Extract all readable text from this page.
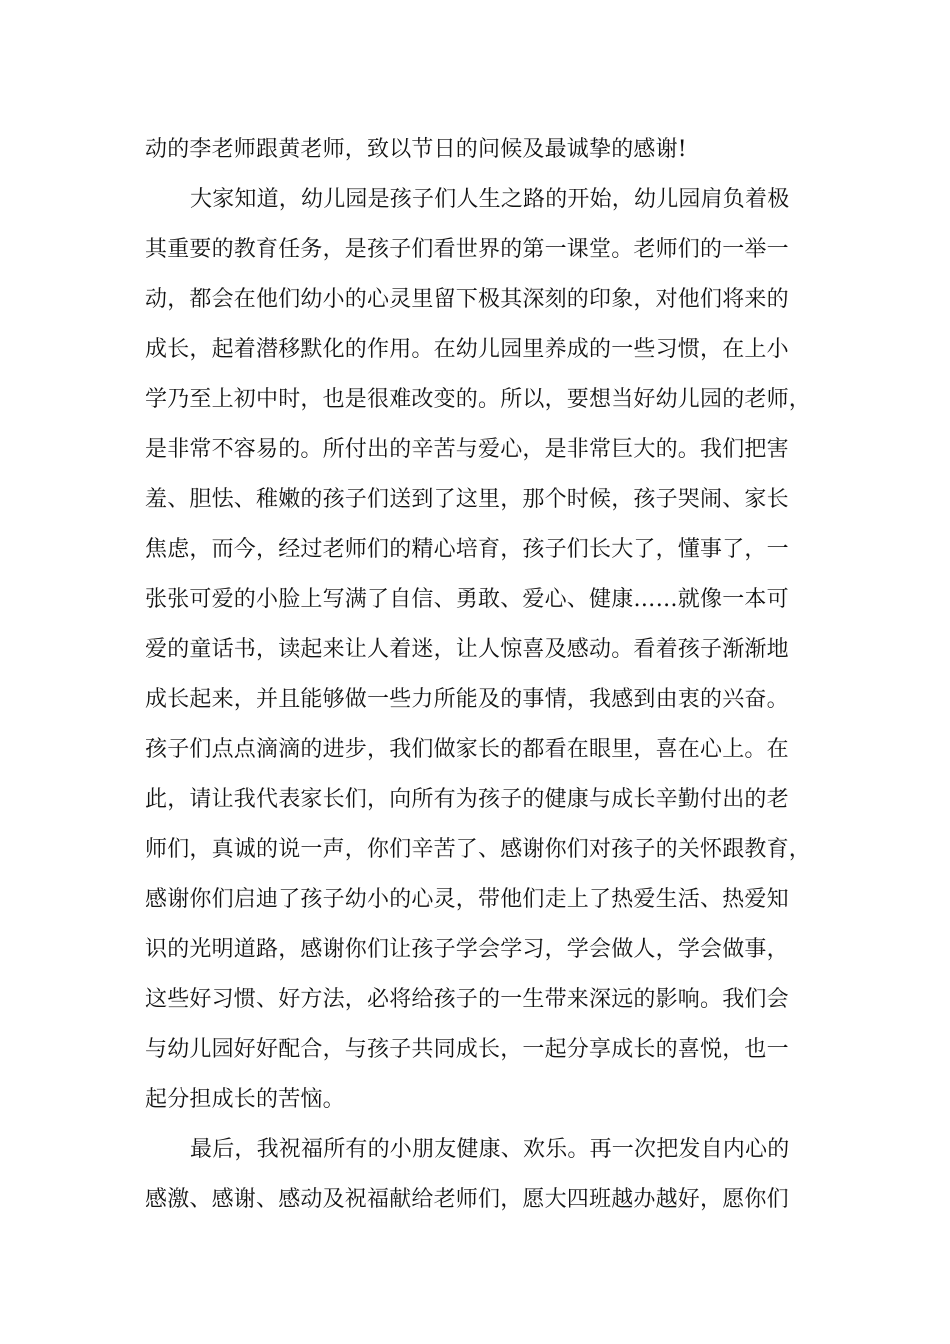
动的李老师跟黄老师，致以节日的问候及最诚挚的感谢!
大家知道，幼儿园是孩子们人生之路的开始，幼儿园肩负着极
其重要的教育任务，是孩子们看世界的第一课堂。老师们的一举一
动，都会在他们幼小的心灵里留下极其深刻的印象，对他们将来的
成长，起着潜移默化的作用。在幼儿园里养成的一些习惯，在上小
学乃至上初中时，也是很难改变的。所以，要想当好幼儿园的老师，
是非常不容易的。所付出的辛苦与爱心，是非常巨大的。我们把害
羞、胆怯、稚嫩的孩子们送到了这里，那个时候，孩子哭闹、家长
焦虑，而今，经过老师们的精心培育，孩子们长大了，懂事了，一
张张可爱的小脸上写满了自信、勇敢、爱心、健康……就像一本可
爱的童话书，读起来让人着迷，让人惊喜及感动。看着孩子渐渐地
成长起来，并且能够做一些力所能及的事情，我感到由衷的兴奋。
孩子们点点滴滴的进步，我们做家长的都看在眼里，喜在心上。在
此，请让我代表家长们，向所有为孩子的健康与成长辛勤付出的老
师们，真诚的说一声，你们辛苦了、感谢你们对孩子的关怀跟教育，
感谢你们启迪了孩子幼小的心灵，带他们走上了热爱生活、热爱知
识的光明道路，感谢你们让孩子学会学习，学会做人，学会做事，
这些好习惯、好方法，必将给孩子的一生带来深远的影响。我们会
与幼儿园好好配合，与孩子共同成长，一起分享成长的喜悦，也一
起分担成长的苦恼。
最后，我祝福所有的小朋友健康、欢乐。再一次把发自内心的
感激、感谢、感动及祝福献给老师们，愿大四班越办越好，愿你们
